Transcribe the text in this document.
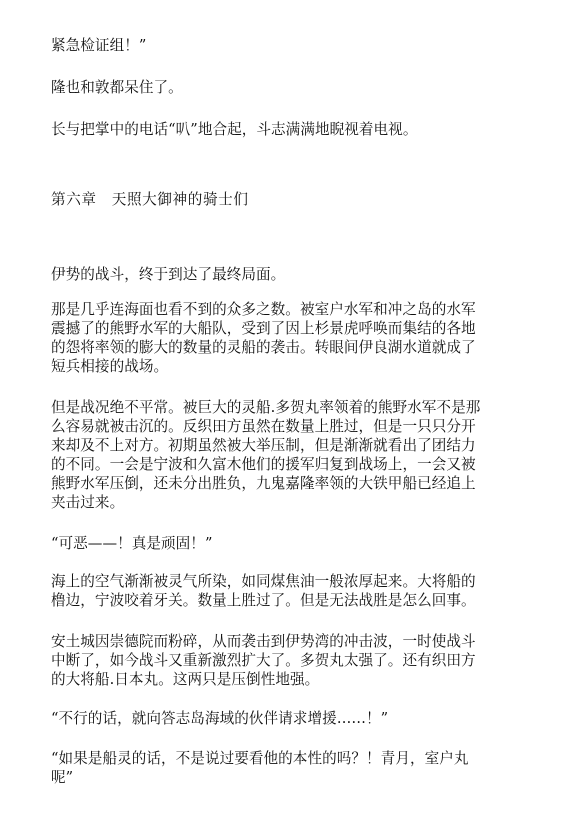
紧急检证组！”
隆也和敦都呆住了。
长与把掌中的电话“叭”地合起，斗志满满地睨视着电视。
第六章　天照大御神的骑士们
伊势的战斗，终于到达了最终局面。
那是几乎连海面也看不到的众多之数。被室户水军和冲之岛的水军
震撼了的熊野水军的大船队，受到了因上杉景虎呼唤而集结的各地
的怨将率领的膨大的数量的灵船的袭击。转眼间伊良湖水道就成了
短兵相接的战场。
但是战况绝不平常。被巨大的灵船.多贺丸率领着的熊野水军不是那
么容易就被击沉的。反织田方虽然在数量上胜过，但是一只只分开
来却及不上对方。初期虽然被大举压制，但是渐渐就看出了团结力
的不同。一会是宁波和久富木他们的援军归复到战场上，一会又被
熊野水军压倒，还未分出胜负，九鬼嘉隆率领的大铁甲船已经追上
夹击过来。
“可恶——！真是顽固！”
海上的空气渐渐被灵气所染，如同煤焦油一般浓厚起来。大将船的
橹边，宁波咬着牙关。数量上胜过了。但是无法战胜是怎么回事。
安土城因崇德院而粉碎，从而袭击到伊势湾的冲击波，一时使战斗
中断了，如今战斗又重新激烈扩大了。多贺丸太强了。还有织田方
的大将船.日本丸。这两只是压倒性地强。
“不行的话，就向答志岛海域的伙伴请求增援……！”
“如果是船灵的话，不是说过要看他的本性的吗？！青月，室户丸
呢”
